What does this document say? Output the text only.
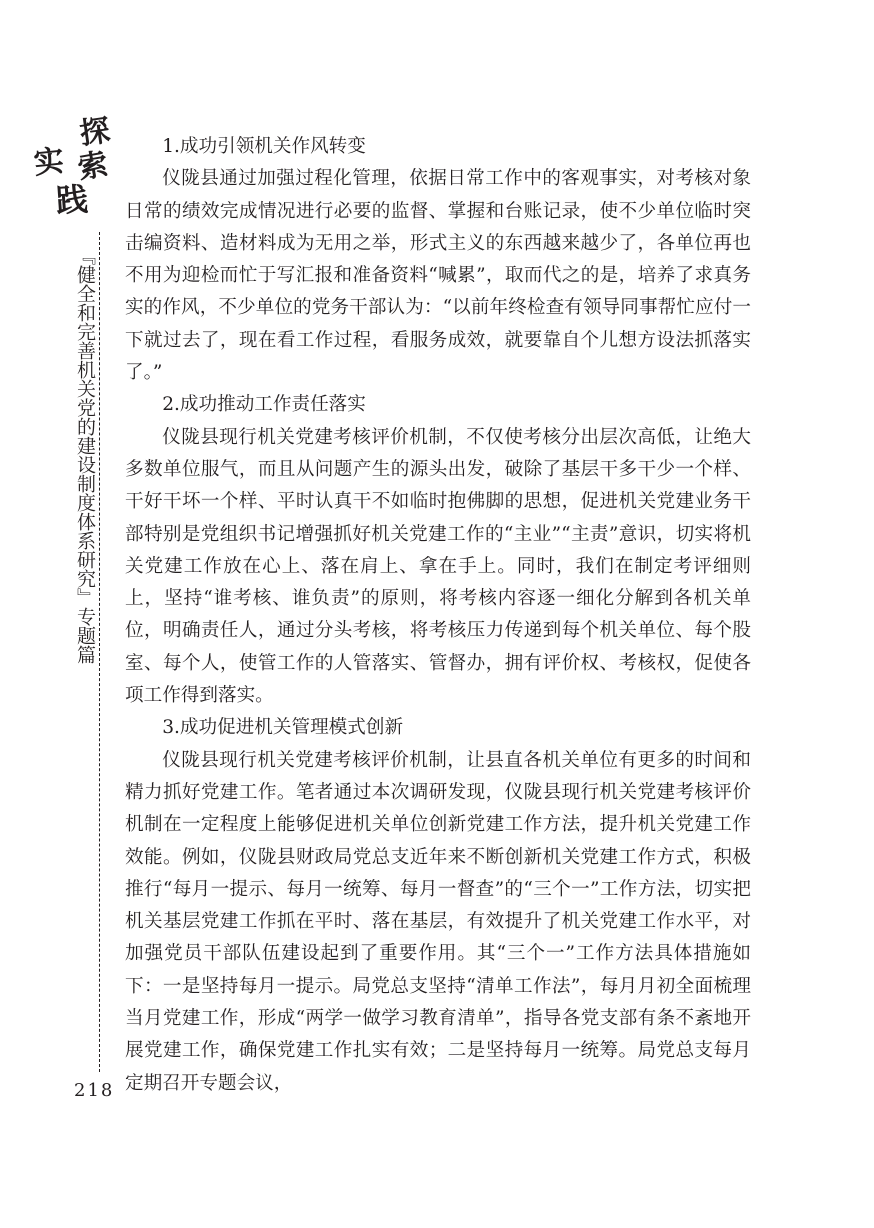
探
实 索
践
『健全和完善机关党的建设制度体系研究』专题篇
218
1.成功引领机关作风转变

仪陇县通过加强过程化管理，依据日常工作中的客观事实，对考核对象日常的绩效完成情况进行必要的监督、掌握和台账记录，使不少单位临时突击编资料、造材料成为无用之举，形式主义的东西越来越少了，各单位再也不用为迎检而忙于写汇报和准备资料“喊累”，取而代之的是，培养了求真务实的作风，不少单位的党务干部认为：“以前年终检查有领导同事帮忙应付一下就过去了，现在看工作过程，看服务成效，就要靠自个儿想方设法抓落实了。”

2.成功推动工作责任落实

仪陇县现行机关党建考核评价机制，不仅使考核分出层次高低，让绝大多数单位服气，而且从问题产生的源头出发，破除了基层干多干少一个样、干好干坏一个样、平时认真干不如临时抱佛脚的思想，促进机关党建业务干部特别是党组织书记增强抓好机关党建工作的“主业”“主责”意识，切实将机关党建工作放在心上、落在肩上、拿在手上。同时，我们在制定考评细则上，坚持“谁考核、谁负责”的原则，将考核内容逐一细化分解到各机关单位，明确责任人，通过分头考核，将考核压力传递到每个机关单位、每个股室、每个人，使管工作的人管落实、管督办，拥有评价权、考核权，促使各项工作得到落实。

3.成功促进机关管理模式创新

仪陇县现行机关党建考核评价机制，让县直各机关单位有更多的时间和精力抓好党建工作。笔者通过本次调研发现，仪陇县现行机关党建考核评价机制在一定程度上能够促进机关单位创新党建工作方法，提升机关党建工作效能。例如，仪陇县财政局党总支近年来不断创新机关党建工作方式，积极推行“每月一提示、每月一统筹、每月一督查”的“三个一”工作方法，切实把机关基层党建工作抓在平时、落在基层，有效提升了机关党建工作水平，对加强党员干部队伍建设起到了重要作用。其“三个一”工作方法具体措施如下：一是坚持每月一提示。局党总支坚持“清单工作法”，每月月初全面梳理当月党建工作，形成“两学一做学习教育清单”，指导各党支部有条不紊地开展党建工作，确保党建工作扎实有效；二是坚持每月一统筹。局党总支每月定期召开专题会议，
